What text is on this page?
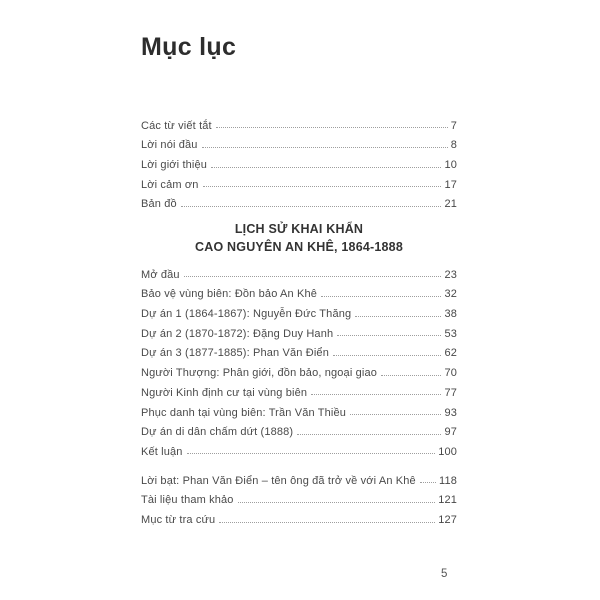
Mục lục
Các từ viết tắt	7
Lời nói đầu	8
Lời giới thiệu	10
Lời cảm ơn	17
Bản đồ	21
LỊCH SỬ KHAI KHẨN
CAO NGUYÊN AN KHÊ, 1864-1888
Mở đầu	23
Bảo vệ vùng biên: Đồn bảo An Khê	32
Dự án 1 (1864-1867): Nguyễn Đức Thăng	38
Dự án 2 (1870-1872): Đặng Duy Hanh	53
Dự án 3 (1877-1885): Phan Văn Điển	62
Người Thượng: Phân giới, đồn bảo, ngoại giao	70
Người Kinh định cư tại vùng biên	77
Phục danh tại vùng biên: Trần Văn Thiều	93
Dự án di dân chấm dứt (1888)	97
Kết luận	100
Lời bạt: Phan Văn Điển – tên ông đã trở về với An Khê 118
Tài liệu tham khảo	121
Mục từ tra cứu	127
5
